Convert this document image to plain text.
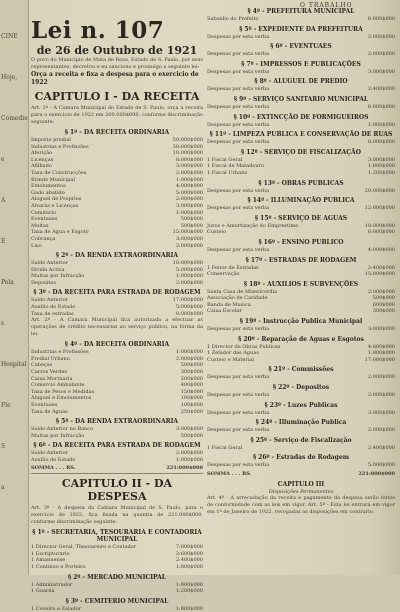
CINE
Hoje,
Comedie
e
A
E
Pela
s
Hospital
Fle
S
a
O TRABALHO
Lei n. 107
de 26 de Outubro de 1921
O povo do Municipio de Mata de Rosa, Estado de S. Paulo, por seus representantes, decretou e eu sanciono e promulgo a seguinte lei:
Orça a receita e fixa a despesa para o exercicio de 1922
CAPITULO I - DA RECEITA
Art. 1º - A Camara Municipal do Estado de S. Paulo, orça a receita para o exercicio de 1922 em 200.000$000, conforme discriminação seguinte:
§ 1º - DA RECEITA ORDINARIA
Imposto predial	50:000$000
Industrias e Profissões	30:000$000
Aferição	10:000$000
Licenças	8:000$000
Afilhado	3:000$000
Taxa de Construcções	2:000$000
Brinde Municipal	1:000$000
Emolumentos	4:000$000
Gado abatido	5:000$000
Aluguel de Proprios	2:000$000
Alvarás e Licenças	3:000$000
Cemiterio	1:000$000
Eventuaes	500$000
Multas	500$000
Taxa de Agua e Esgoto	15:000$000
Cobrança	3:000$000
Lixo	2:000$000
§ 2º - DA RENDA EXTRAORDINARIA
Saldo Anterior	10:000$000
Divida Activa	5:000$000
Multas por Infracção	1:000$000
Depositos	2:000$000
§ 3º - DA RECEITA PARA ESTRADA DE RODAGEM
Saldo Anterior	17:000$000
Auxilio do Estado	5:000$000
Taxa de estradas	8:000$000
Art. 2º - A Camara Municipal fica autorizada a efectuar as operações de crédito necessarias ao serviço publico, na fórma da lei.
§ 4º - DA RECEITA ORDINARIA
Industrias e Profissões	1:000$000
Predial Urbano	2:000$000
Cabeças	500$000
Carros Verdes	300$000
Caixa Mortuaria	200$000
Comercio Ambulante	400$000
Taxa de Pesos e Medidas	150$000
Aluguel e Emolumentos	100$000
Eventuaes	100$000
Taxa de Aguas	250$000
§ 5º - DA RENDA EXTRAORDINARIA
Saldo Anterior no Banco	3:000$000
Multas por Infracção	500$000
§ 6º - DA RECEITA PARA ESTRADA DE RODAGEM
Saldo Anterior	2:000$000
Auxilio do Estado	1:000$000
SOMMA . . . RS.	221:000$000
CAPITULO II - DA DESPESA
Art. 3º - A despesa da Camara Municipal de S. Paulo, para o exercicio de 1922, fica fixada na quantia de 221.000$000, conforme discriminação seguinte:
§ 1º - SECRETARIA, TESOURARIA E CONTADORIA MUNICIPAL
1 Director Geral, Thesoureiro e Contador	7:000$000
1 Escripturario	3:600$000
1 Amanuense	2:400$000
1 Continuo e Porteiro	1:800$000
§ 2º - MERCADO MUNICIPAL
1 Administrador	1:800$000
1 Guarda	1:200$000
§ 3º - CEMITERIO MUNICIPAL
1 Coveiro e Zelador	1:800$000
§ 4º - PREFEITURA MUNICIPAL
Subsidio do Prefeito	6:000$000
§ 5º - EXPEDIENTE DA PREFEITURA
Despesas por esta verba	2:000$000
§ 6º - EVENTUAES
Despesas por esta verba	2:000$000
§ 7º - IMPRESSOS E PUBLICAÇÕES
Despesas por esta verba	3:000$000
§ 8º - ALUGUEL DE PREDIO
Despesas por esta verba	2:400$000
§ 9º - SERVIÇO SANITARIO MUNICIPAL
Despesas por esta verba	6:000$000
§ 10º - EXTINCÇÃO DE FORMIGUEIROS
Despesas por esta verba	1:000$000
§ 11º - LIMPEZA PUBLICA E CONSERVAÇÃO DE RUAS
Despesas por esta verba	8:000$000
§ 12º - SERVIÇO DE FISCALIZAÇÃO
1 Fiscal Geral	3:000$000
1 Fiscal de Matadouro	1:800$000
1 Fiscal Urbano	1:200$000
§ 13º - OBRAS PUBLICAS
Despesas por esta verba	20:000$000
§ 14º - ILLUMINAÇÃO PUBLICA
Despesas por esta verba	12:000$000
§ 15º - SERVIÇO DE AGUAS
Juros e Amortização do Emprestimo	18:000$000
Custeio	6:000$000
§ 16º - ENSINO PUBLICO
Despesas por esta verba	4:000$000
§ 17º - ESTRADAS DE RODAGEM
1 Feitor de Estradas	2:400$000
Conservação	15:000$000
§ 18º - AUXILIOS E SUBVENÇÕES
Santa Casa de Misericordia	2:000$000
Associação de Caridade	500$000
Banda de Musica	600$000
Caixa Escolar	300$000
§ 19º - Instrucção Publica Municipal
Despesas por esta verba	3:000$000
§ 20º - Reparação de Aguas e Esgotos
1 Director de Obras Publicas	4:800$000
1 Zelador das Aguas	1:800$000
Custeio e Material	17:000$000
§ 21º - Commissões
Despesas por esta verba	2:000$000
§ 22º - Depositos
Despesas por esta verba	2:000$000
§ 23º - Luzes Publicas
Despesas por esta verba	3:000$000
§ 24º - Illuminação Publica
Despesas por esta verba	2:000$000
§ 25º - Serviço de Fiscalização
1 Fiscal Geral	2:400$000
§ 26º - Estradas de Rodagem
Despesas por esta verba	5:000$000
SOMMA . . . RS.	221:000$000
CAPITULO III
Disposições Permanentes
Art. 4º - A arrecadação da receita e pagamento da despesa serão feitos de conformidade com as leis em vigor. Art. 5º - Esta lei entrará em vigor em 1º de Janeiro de 1922, revogadas as disposições em contrario.
